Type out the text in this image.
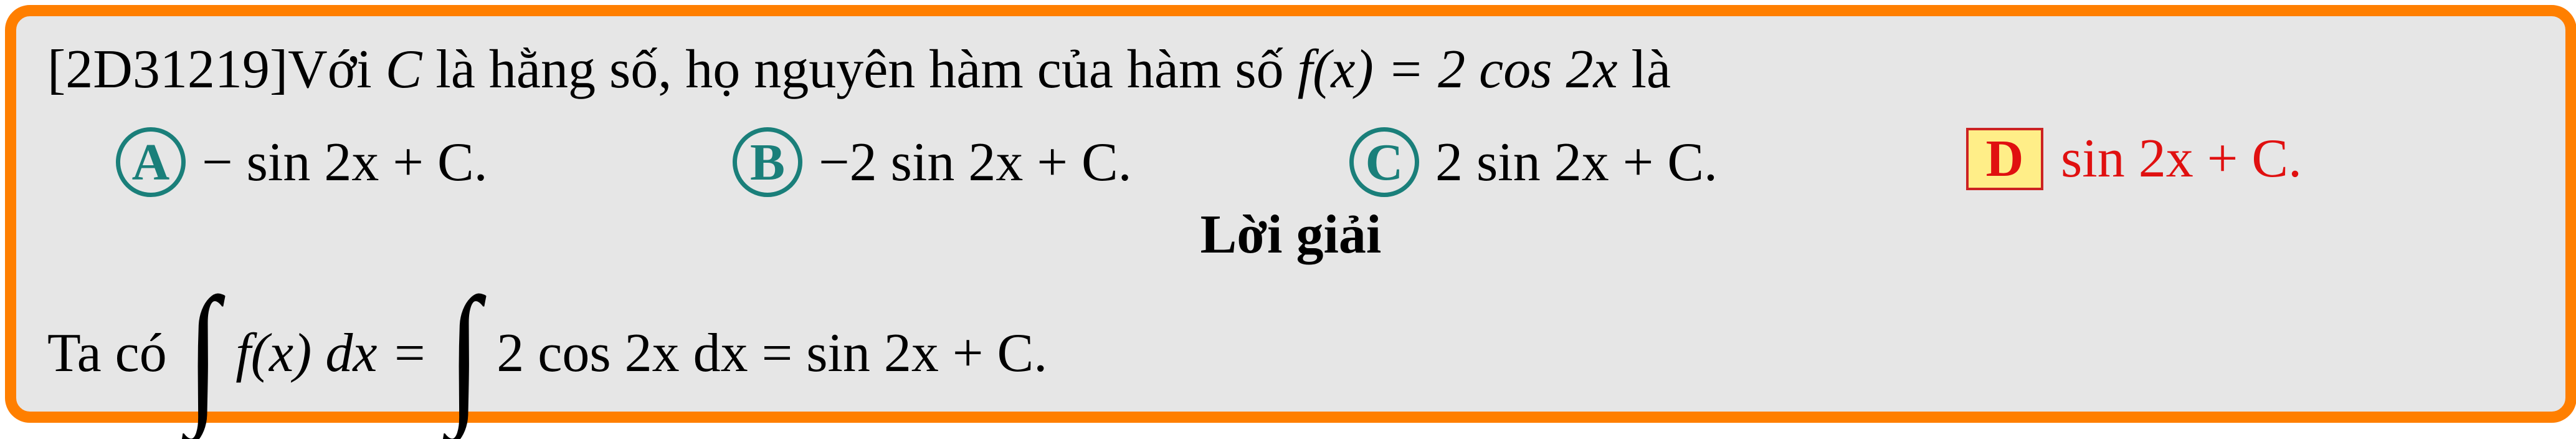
[2D31219]Với C là hằng số, họ nguyên hàm của hàm số f(x) = 2 cos 2x là
A − sin 2x + C.	B −2 sin 2x + C.	C 2 sin 2x + C.	D sin 2x + C.
Lời giải
Ta có ∫ f(x) dx = ∫ 2 cos 2x dx = sin 2x + C.
